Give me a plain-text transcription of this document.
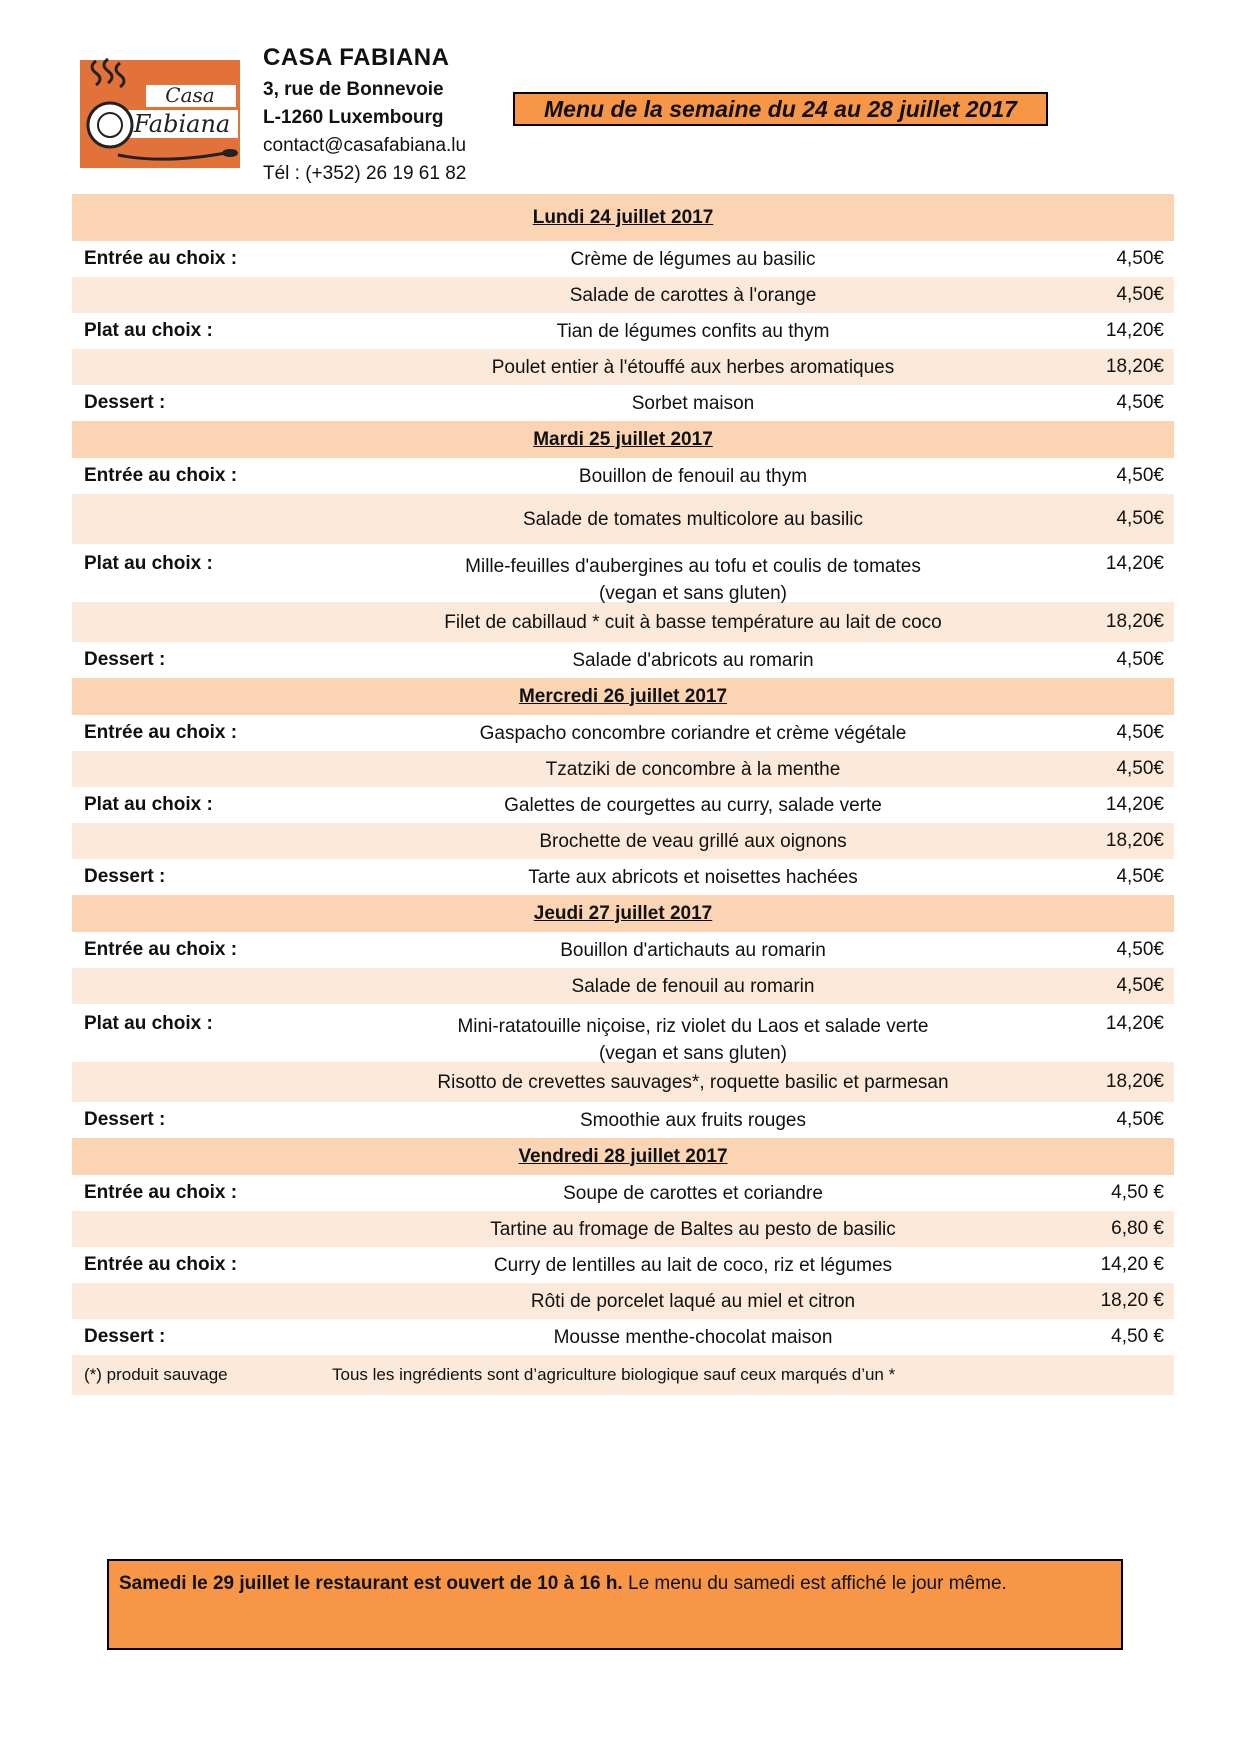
Casa
Fabiana
CASA FABIANA
3, rue de Bonnevoie
L-1260 Luxembourg
contact@casafabiana.lu
Tél : (+352) 26 19 61 82
Menu de la semaine du 24 au 28 juillet 2017
Lundi 24 juillet 2017
Entrée au choix :	Crème de légumes au basilic	4,50€
Salade de carottes à l'orange	4,50€
Plat au choix :	Tian de légumes confits au thym	14,20€
Poulet entier à l'étouffé aux herbes aromatiques	18,20€
Dessert :	Sorbet maison	4,50€
Mardi 25 juillet 2017
Entrée au choix :	Bouillon de fenouil au thym	4,50€
Salade de tomates multicolore au basilic	4,50€
Plat au choix :	Mille-feuilles d'aubergines au tofu et coulis de tomates
(vegan et sans gluten)
14,20€
Filet de cabillaud * cuit à basse température au lait de coco	18,20€
Dessert :	Salade d'abricots au romarin	4,50€
Mercredi 26 juillet 2017
Entrée au choix :	Gaspacho concombre coriandre et crème végétale	4,50€
Tzatziki de concombre à la menthe	4,50€
Plat au choix :	Galettes de courgettes au curry, salade verte	14,20€
Brochette de veau grillé aux oignons	18,20€
Dessert :	Tarte aux abricots et noisettes hachées	4,50€
Jeudi 27 juillet 2017
Entrée au choix :	Bouillon d'artichauts au romarin	4,50€
Salade de fenouil au romarin	4,50€
Plat au choix :	Mini-ratatouille niçoise, riz violet du Laos et salade verte
(vegan et sans gluten)
14,20€
Risotto de crevettes sauvages*, roquette basilic et parmesan	18,20€
Dessert :	Smoothie aux fruits rouges	4,50€
Vendredi 28 juillet 2017
Entrée au choix :	Soupe de carottes et coriandre	4,50 €
Tartine au fromage de Baltes au pesto de basilic	6,80 €
Entrée au choix :	Curry de lentilles au lait de coco, riz et légumes	14,20 €
Rôti de porcelet laqué au miel et citron	18,20 €
Dessert :	Mousse menthe-chocolat maison	4,50 €
(*) produit sauvage	Tous les ingrédients sont d’agriculture biologique sauf ceux marqués d’un *
Samedi le 29 juillet le restaurant est ouvert de 10 à 16 h. Le menu du samedi est affiché le jour même.
